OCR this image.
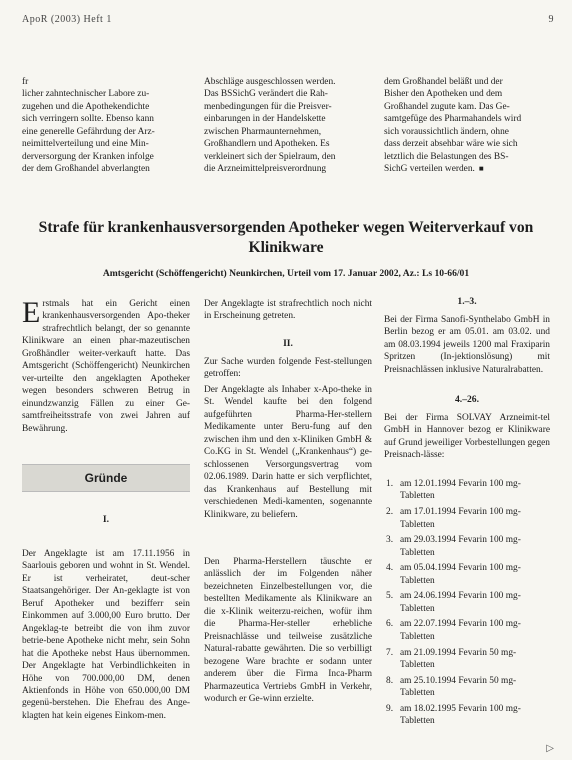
ApoR (2003) Heft 1	9
fr
licher zahntechnischer Labore zu-
zugehen und die Apothekendichte
sich verringern sollte. Ebenso kann
eine generelle Gefährdung der Arz-
neimittelverteilung und eine Min-
derversorgung der Kranken infolge
der dem Großhandel abverlangten
Abschläge ausgeschlossen werden.
Das BSSichG verändert die Rah-
menbedingungen für die Preisver-
einbarungen in der Handelskette
zwischen Pharmaunternehmen,
Großhandlern und Apotheken. Es
verkleinert sich der Spielraum, den
die Arzneimittelpreisverordnung
dem Großhandel beläßt und der
Bisher den Apotheken und dem
Großhandel zugute kam. Das Ge-
samtgefüge des Pharmahandels wird
sich voraussichtlich ändern, ohne
dass derzeit absehbar wäre wie sich
letztlich die Belastungen des BS-
SichG verteilen werden. ■
Strafe für krankenhausversorgenden Apotheker wegen Weiterverkauf von Klinikware
Amtsgericht (Schöffengericht) Neunkirchen, Urteil vom 17. Januar 2002, Az.: Ls 10-66/01
Erstmals hat ein Gericht einen krankenhausversorgenden Apo-theker strafrechtlich belangt, der so genannte Klinikware an einen phar-mazeutischen Großhändler weiter-verkauft hatte. Das Amtsgericht (Schöffengericht) Neunkirchen ver-urteilte den angeklagten Apotheker wegen besonders schweren Betrug in einundzwanzig Fällen zu einer Ge-samtfreiheitsstrafe von zwei Jahren auf Bewährung.
Gründe
I.
Der Angeklagte ist am 17.11.1956 in Saarlouis geboren und wohnt in St. Wendel. Er ist verheiratet, deut-scher Staatsangehöriger. Der An-geklagte ist von Beruf Apotheker und bezifferr sein Einkommen auf 3.000,00 Euro brutto. Der Angeklag-te betreibt die von ihm zuvor betrie-bene Apotheke nicht mehr, sein Sohn hat die Apotheke nebst Haus übernommen. Der Angeklagte hat Verbindlichkeiten in Höhe von 700.000,00 DM, denen Aktienfonds in Höhe von 650.000,00 DM gegenü-berstehen. Die Ehefrau des Ange-klagten hat kein eigenes Einkom-men.
Der Angeklagte ist strafrechtlich noch nicht in Erscheinung getreten.
II.
Zur Sache wurden folgende Fest-stellungen getroffen:
Der Angeklagte als Inhaber x-Apo-theke in St. Wendel kaufte bei den folgend aufgeführten Pharma-Her-stellern Medikamente unter Beru-fung auf den zwischen ihm und den x-Kliniken GmbH & Co.KG in St. Wendel („Krankenhaus“) ge-schlossenen Versorgungsvertrag vom 02.06.1989. Darin hatte er sich verpflichtet, das Krankenhaus auf Bestellung mit verschiedenen Medi-kamenten, sogenannte Klinikware, zu beliefern.
Den Pharma-Herstellern täuschte er anlässlich der im Folgenden näher bezeichneten Einzelbestellungen vor, die bestellten Medikamente als Klinikware an die x-Klinik weiterzu-reichen, wofür ihm die Pharma-Her-steller erhebliche Preisnachlässe und teilweise zusätzliche Natural-rabatte gewährten. Die so verbilligt bezogene Ware brachte er sodann unter anderem über die Firma Inca-Pharm Pharmazeutica Vertriebs GmbH in Verkehr, wodurch er Ge-winn erzielte.
1.–3.
Bei der Firma Sanofi-Synthelabo GmbH in Berlin bezog er am 05.01. am 03.02. und am 08.03.1994 jeweils 1200 mal Fraxiparin Spritzen (In-jektionslösung) mit Preisnachlässen inklusive Naturalrabatten.
4.–26.
Bei der Firma SOLVAY Arzneimit-tel GmbH in Hannover bezog er Klinikware auf Grund jeweiliger Vorbestellungen gegen Preisnach-lässe:
1. am 12.01.1994 Fevarin 100 mg-Tabletten
2. am 17.01.1994 Fevarin 100 mg-Tabletten
3. am 29.03.1994 Fevarin 100 mg-Tabletten
4. am 05.04.1994 Fevarin 100 mg-Tabletten
5. am 24.06.1994 Fevarin 100 mg-Tabletten
6. am 22.07.1994 Fevarin 100 mg-Tabletten
7. am 21.09.1994 Fevarin 50 mg-Tabletten
8. am 25.10.1994 Fevarin 50 mg-Tabletten
9. am 18.02.1995 Fevarin 100 mg-Tabletten
▷
